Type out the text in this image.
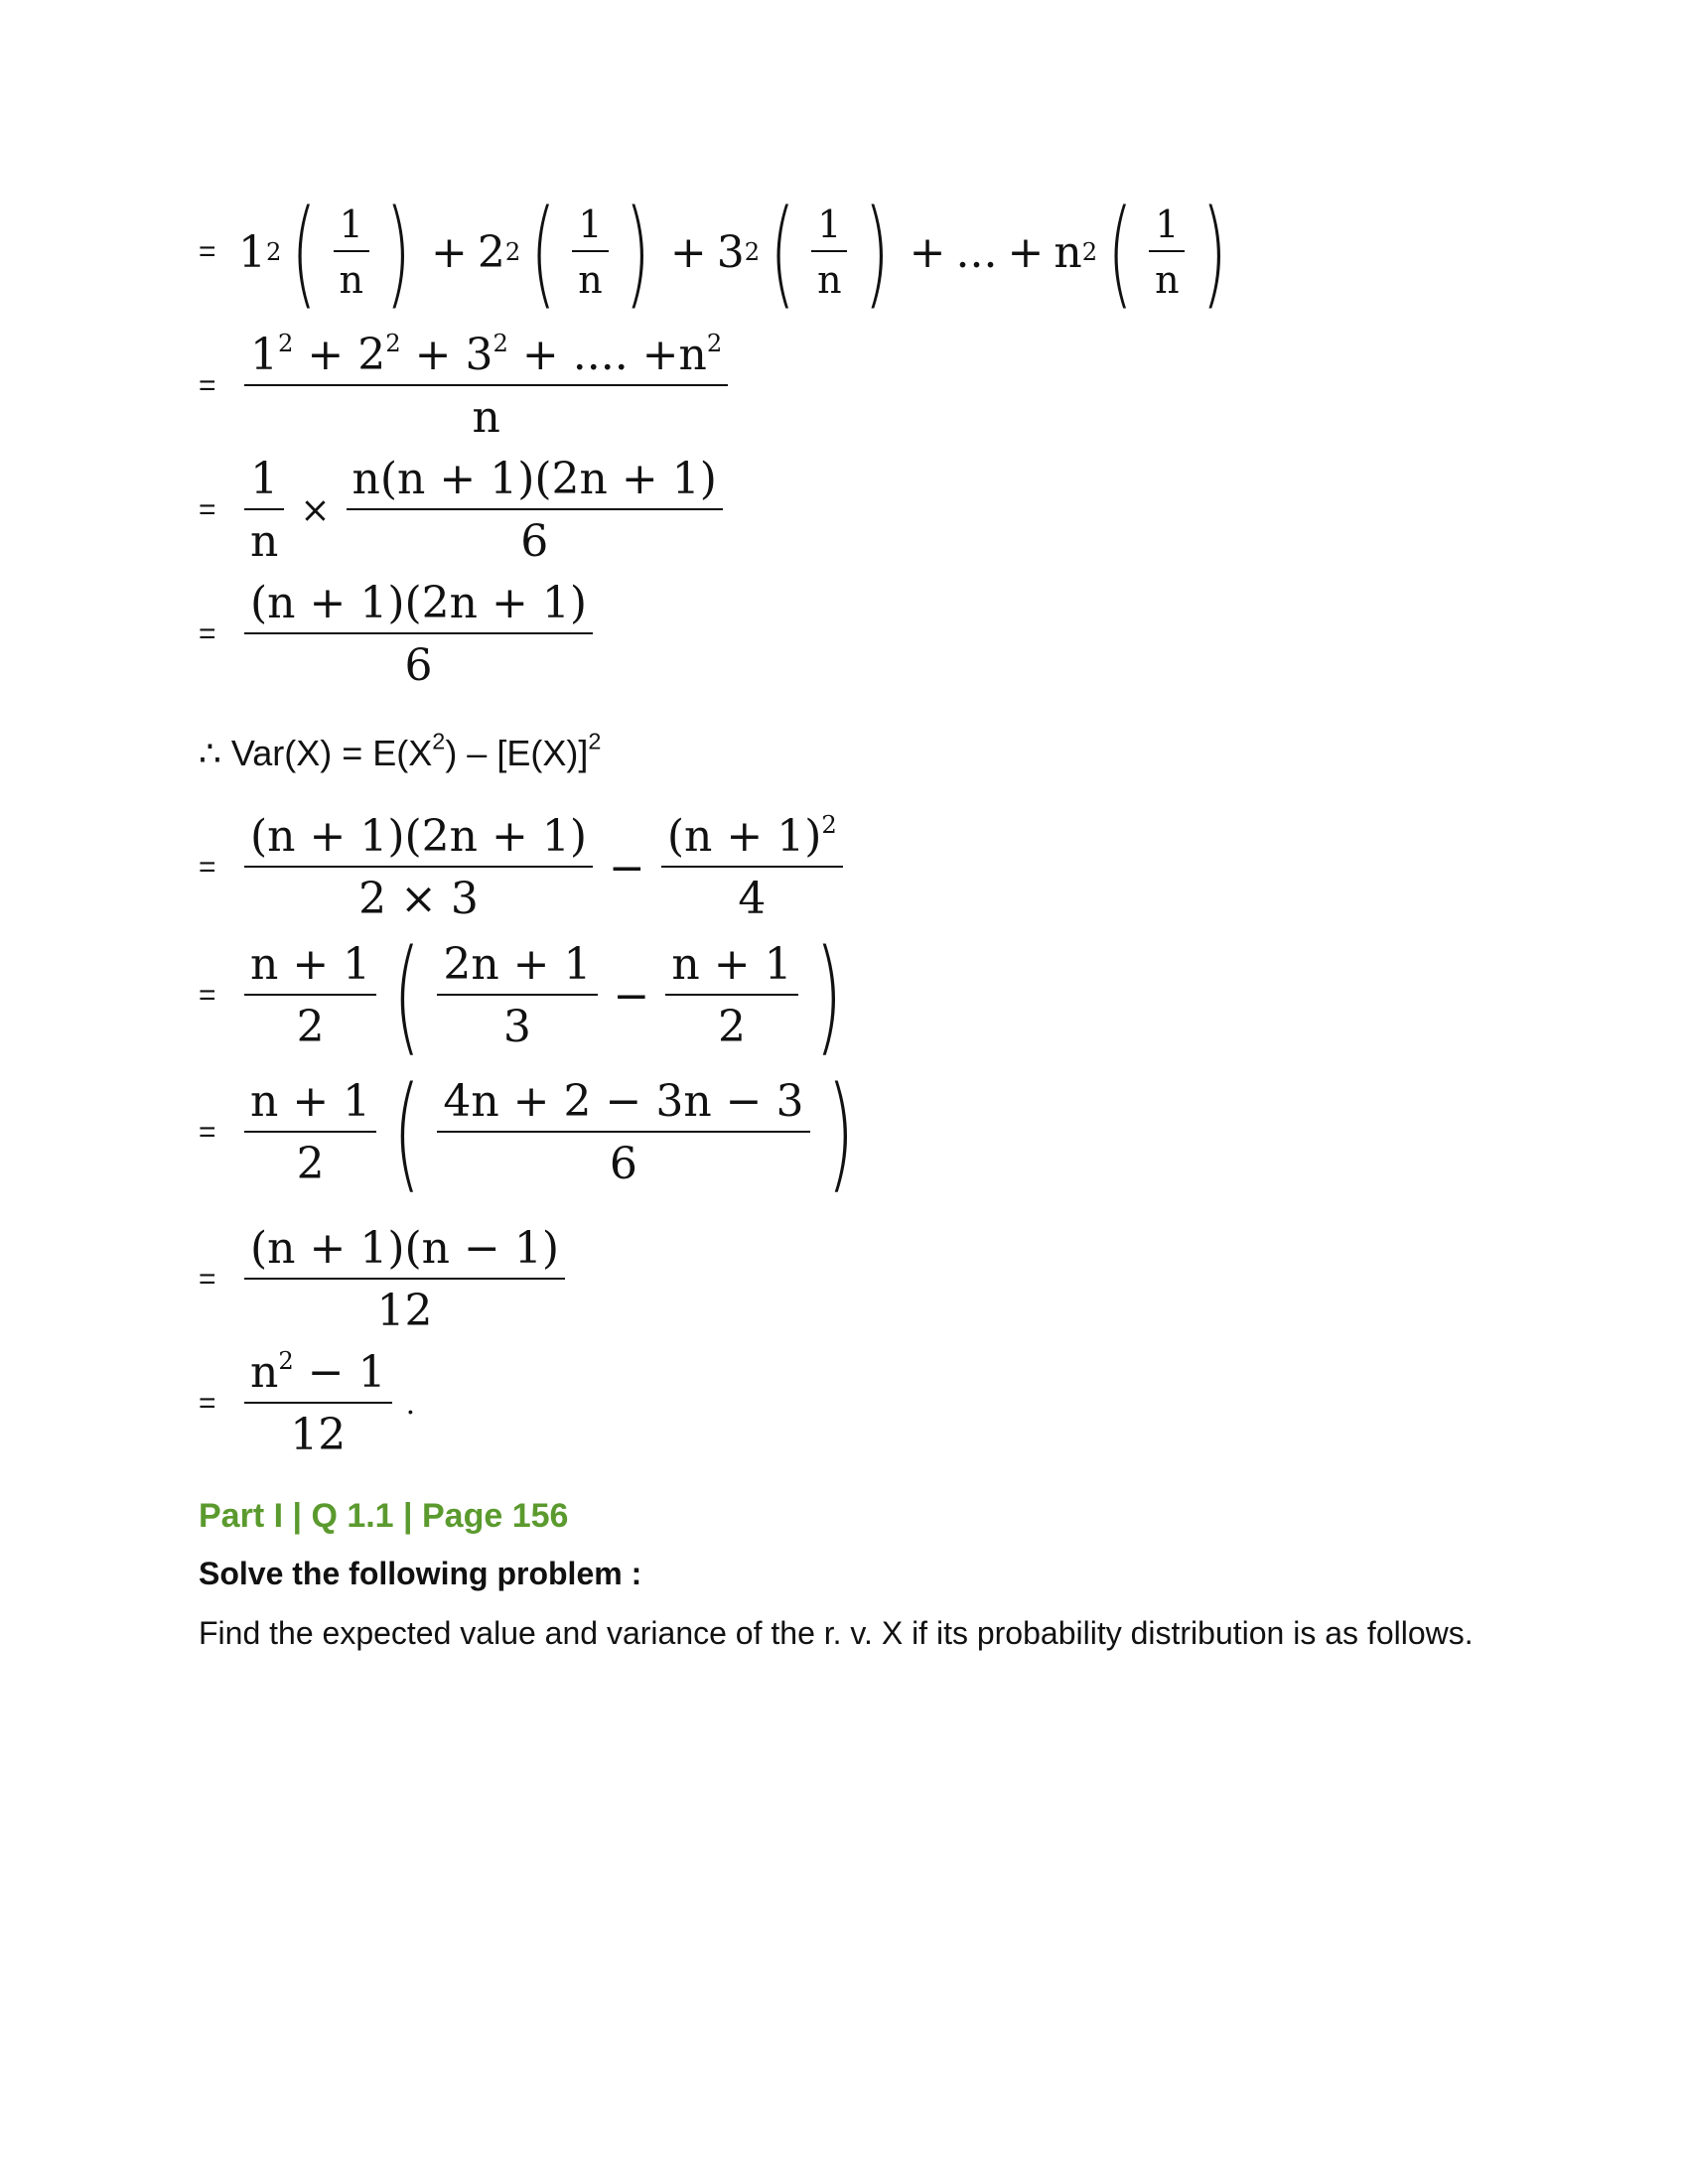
= 1 2 ( $\frac{1}{n}$ ) + 2 2 ( $\frac{1}{n}$ ) + 3 2 ( $\frac{1}{n}$ ) + ... + n 2 ( $\frac{1}{n}$ )
= $\frac{1^2 + 2^2 + 3^2 + .... +n^2}{n}$
= $\frac{1}{n} \times \frac{n(n + 1)(2n + 1)}{6}$
= $\frac{(n + 1)(2n + 1)}{6}$
∴ $Var(X) = E(X^2) - [E(X)]^2$
= $\frac{(n + 1)(2n + 1)}{2 \times 3} - \frac{(n + 1)^2}{4}$
= $\frac{n + 1}{2}$ ( $\frac{2n + 1}{3} - \frac{n + 1}{2}$ )
= $\frac{n + 1}{2}$ ( $\frac{4n + 2 - 3n - 3}{6}$ )
= $\frac{(n + 1)(n - 1)}{12}$
= $\frac{n^2 - 1}{12}$ .
Part I | Q 1.1 | Page 156
Solve the following problem :
Find the expected value and variance of the r. v. X if its probability distribution is as follows.
